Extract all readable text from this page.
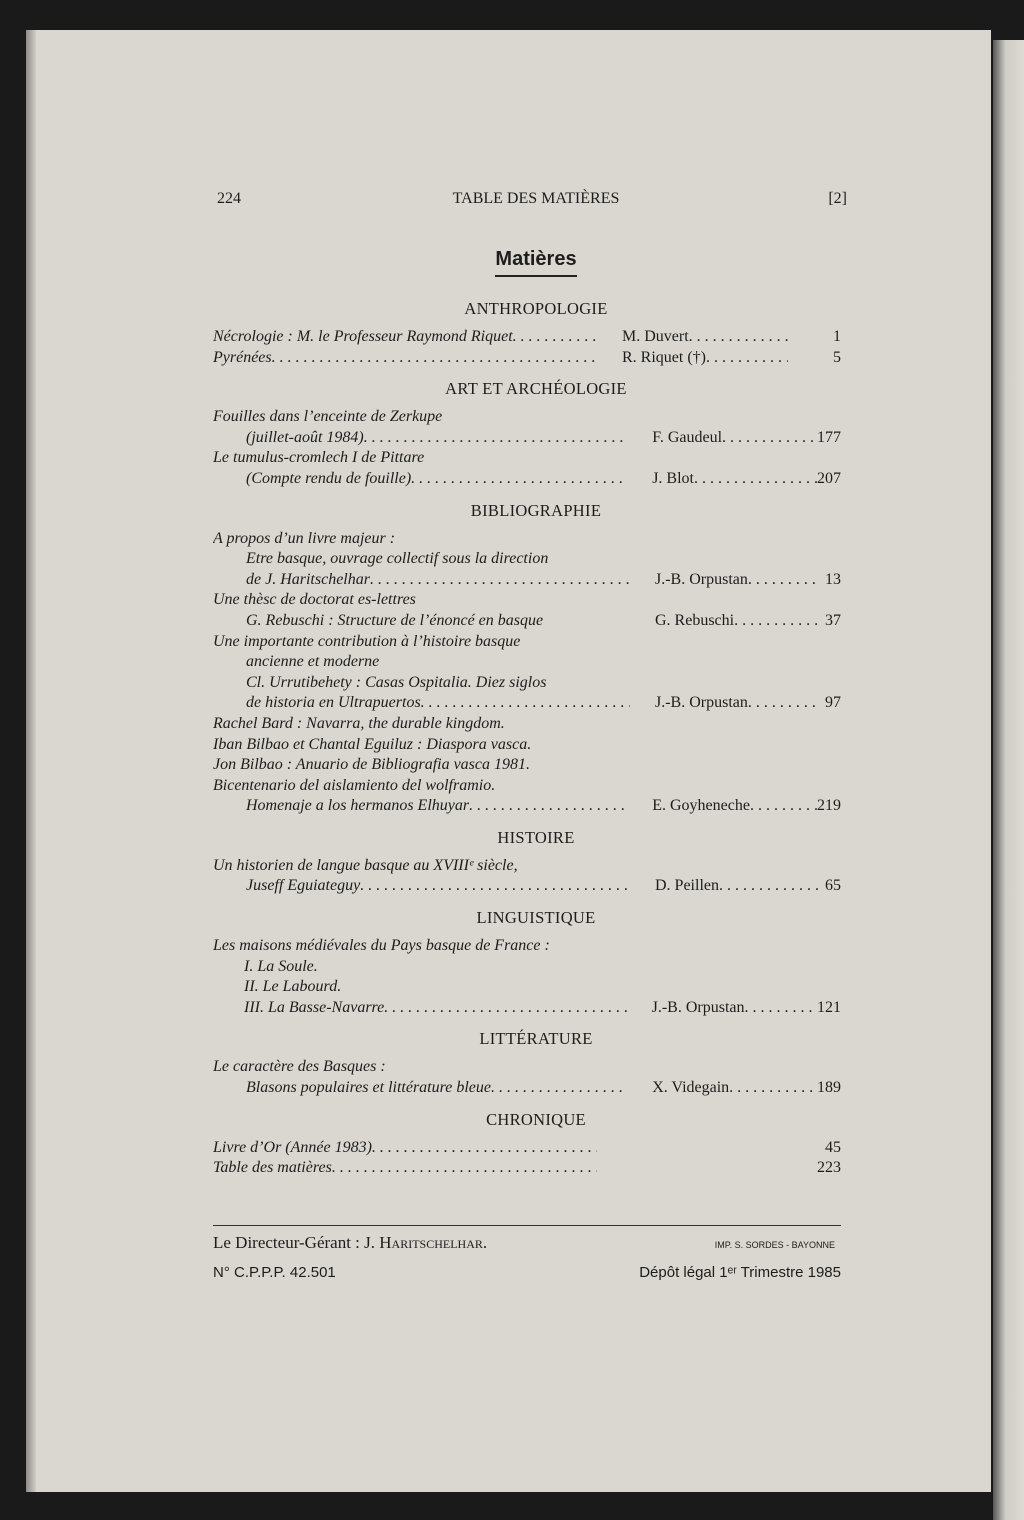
224	TABLE DES MATIÈRES	[2]
Matières
ANTHROPOLOGIE
Nécrologie : M. le Professeur Raymond Riquet . . .	M. Duvert . . .	1
Pyrénées . . .	R. Riquet (†) . . .	5
ART ET ARCHÉOLOGIE
Fouilles dans l’enceinte de Zerkupe
(juillet-août 1984) . . .	F. Gaudeul . . .	177
Le tumulus-cromlech I de Pittare
(Compte rendu de fouille) . . .	J. Blot . . .	207
BIBLIOGRAPHIE
A propos d’un livre majeur :
Etre basque, ouvrage collectif sous la direction
de J. Haritschelhar . . .	J.-B. Orpustan . . .	13
Une thèsc de doctorat es-lettres
G. Rebuschi : Structure de l’énoncé en basque	G. Rebuschi . . .	37
Une importante contribution à l’histoire basque
ancienne et moderne
Cl. Urrutibehety : Casas Ospitalia. Diez siglos
de historia en Ultrapuertos . . .	J.-B. Orpustan . . .	97
Rachel Bard : Navarra, the durable kingdom.
Iban Bilbao et Chantal Eguiluz : Diaspora vasca.
Jon Bilbao : Anuario de Bibliografia vasca 1981.
Bicentenario del aislamiento del wolframio.
Homenaje a los hermanos Elhuyar . . .	E. Goyheneche . . .	219
HISTOIRE
Un historien de langue basque au XVIIIᵉ siècle,
Juseff Eguiateguy . . .	D. Peillen . . .	65
LINGUISTIQUE
Les maisons médiévales du Pays basque de France :
I. La Soule.
II. Le Labourd.
III. La Basse-Navarre . . .	J.-B. Orpustan . . .	121
LITTÉRATURE
Le caractère des Basques :
Blasons populaires et littérature bleue . . .	X. Videgain . . .	189
CHRONIQUE
Livre d’Or (Année 1983) . . .	45
Table des matières . . .	223
Le Directeur-Gérant : J. Haritschelhar.	IMP. S. SORDES - BAYONNE
N° C.P.P.P. 42.501	Dépôt légal 1ᵉʳ Trimestre 1985
